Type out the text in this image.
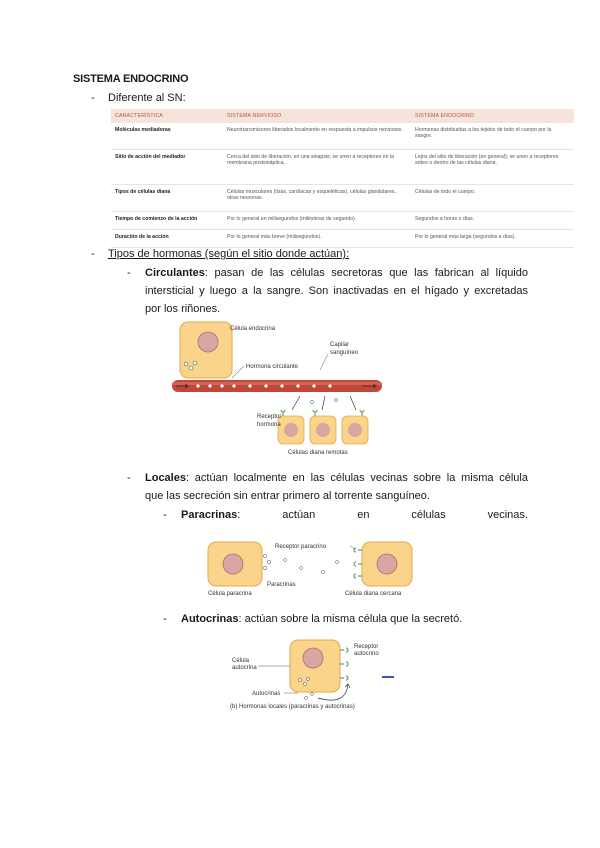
SISTEMA ENDOCRINO
- Diferente al SN:
CARACTERÍSTICA	SISTEMA NERVIOSO	SISTEMA ENDOCRINO
Moléculas mediadoras	Neurotransmisores liberados localmente en respuesta a impulsos nerviosos.	Hormonas distribuidas a los tejidos de todo el cuerpo por la sangre.
Sitio de acción del mediador	Cerca del sitio de liberación, en una sinapsis; se unen a receptores en la membrana postsináptica.	Lejos del sitio de liberación (en general); se unen a receptores sobre o dentro de las células diana.
Tipos de células diana	Células musculares (lisas, cardíacas y esqueléticas), células glandulares, otras neuronas.	Células de todo el cuerpo.
Tiempo de comienzo de la acción	Por lo general en milisegundos (milésimas de segundo).	Segundos a horas o días.
Duración de la acción	Por lo general más breve (milisegundos).	Por lo general más larga (segundos a días).
- Tipos de hormonas (según el sitio donde actúan):
- Circulantes: pasan de las células secretoras que las fabrican al líquido
intersticial y luego a la sangre. Son inactivadas en el hígado y excretadas
por los riñones.
Célula endocrina
Capilar
sanguíneo
Hormona circulante
Receptor
hormona
Células diana remotas
- Locales: actúan localmente en las células vecinas sobre la misma célula
que las secreción sin entrar primero al torrente sanguíneo.
- Paracrinas:	actúan	en	células	vecinas.
Receptor paracrino
Célula paracrina
Paracrinas
Célula diana cercana
- Autocrinas: actúan sobre la misma célula que la secretó.
Célula
autocrina
Receptor
autocrino
Autocrinas
(b) Hormonas locales (paracrinas y autocrinas)
